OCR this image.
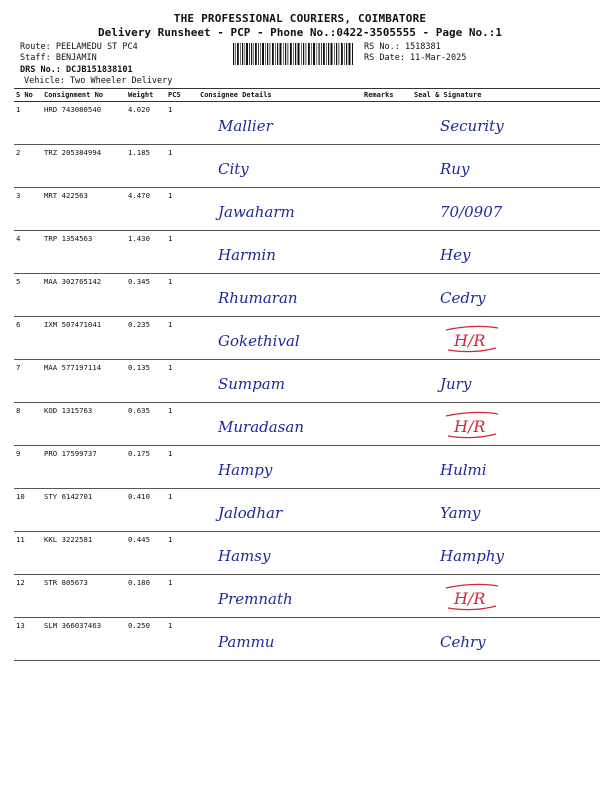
THE PROFESSIONAL COURIERS, COIMBATORE
Delivery Runsheet - PCP - Phone No.:0422-3505555 - Page No.:1
Route: PEELAMEDU ST PC4
Staff: BENJAMIN
DRS No.: DCJB151838101
Vehicle: Two Wheeler Delivery
RS No.: 1518381
RS Date: 11-Mar-2025
S No	Consignment No	Weight	PCS	Consignee Details	Remarks	Seal & Signature
1	HRD 743080540	4.020	1	Mallier		Security

2	TRZ 205384994	1.185	1	City		Ruy

3	MRT 422563	4.470	1	Jawaharm		70/0907

4	TRP 1354563	1.430	1	Harmin		Hey

5	MAA 302765142	0.345	1	Rhumaran		Cedry

6	IXM 507471041	0.235	1	Gokethival		H/R

7	MAA 577197114	0.135	1	Sumpam		Jury

8	KOD 1315763	0.635	1	Muradasan		H/R

9	PRO 17599737	0.175	1	Hampy		Hulmi

10	STY 6142701	0.410	1	Jalodhar		Yamy

11	KKL 3222581	0.445	1	Hamsy		Hamphy

12	STR 805673	0.180	1	Premnath		H/R

13	SLM 366037463	0.250	1	Pammu		Cehry
